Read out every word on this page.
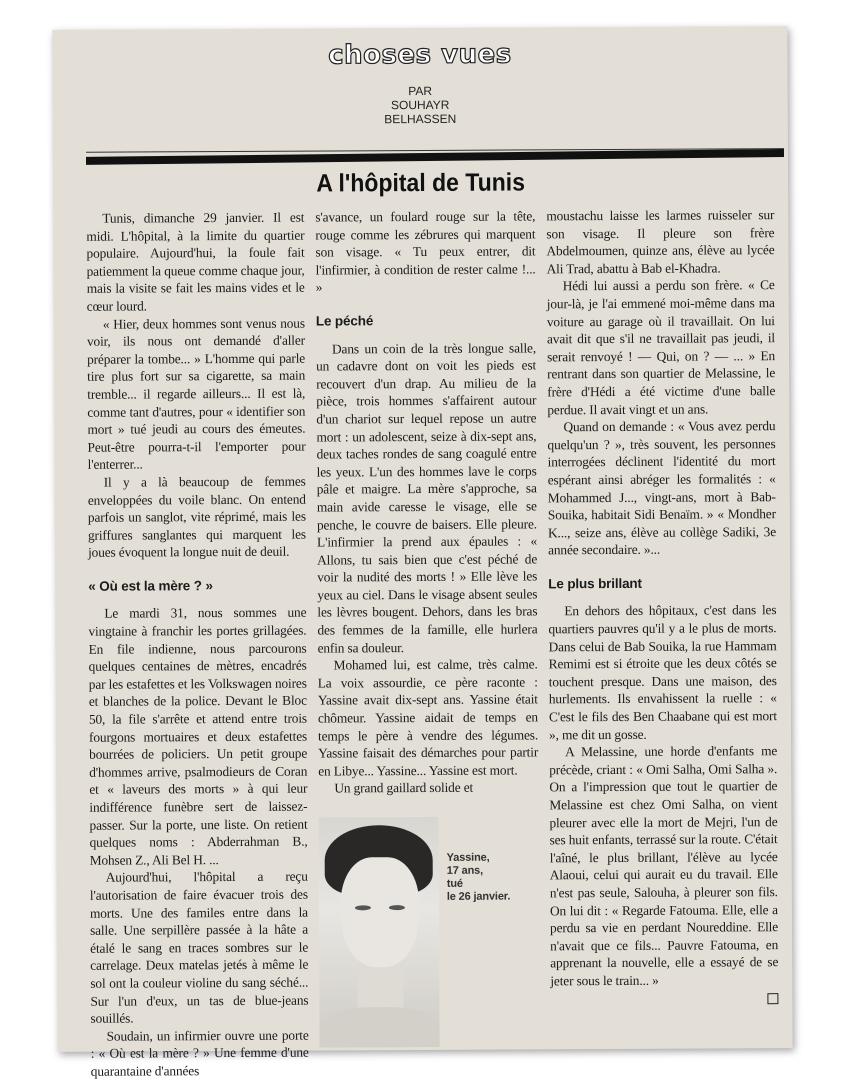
choses vues
PAR
SOUHAYR
BELHASSEN
A l'hôpital de Tunis

Tunis, dimanche 29 janvier. Il est midi. L'hôpital, à la limite du quartier populaire. Aujourd'hui, la foule fait patiemment la queue comme chaque jour, mais la visite se fait les mains vides et le cœur lourd.

« Hier, deux hommes sont venus nous voir, ils nous ont demandé d'aller préparer la tombe... » L'homme qui parle tire plus fort sur sa cigarette, sa main tremble... il regarde ailleurs... Il est là, comme tant d'autres, pour « identifier son mort » tué jeudi au cours des émeutes. Peut-être pourra-t-il l'emporter pour l'enterrer...

Il y a là beaucoup de femmes enveloppées du voile blanc. On entend parfois un sanglot, vite réprimé, mais les griffures sanglantes qui marquent les joues évoquent la longue nuit de deuil.

« Où est la mère ? »

Le mardi 31, nous sommes une vingtaine à franchir les portes grillagées. En file indienne, nous parcourons quelques centaines de mètres, encadrés par les estafettes et les Volkswagen noires et blanches de la police. Devant le Bloc 50, la file s'arrête et attend entre trois fourgons mortuaires et deux estafettes bourrées de policiers. Un petit groupe d'hommes arrive, psalmodieurs de Coran et « laveurs des morts » à qui leur indifférence funèbre sert de laissez-passer. Sur la porte, une liste. On retient quelques noms : Abderrahman B., Mohsen Z., Ali Bel H. ...

Aujourd'hui, l'hôpital a reçu l'autorisation de faire évacuer trois des morts. Une des familes entre dans la salle. Une serpillère passée à la hâte a étalé le sang en traces sombres sur le carrelage. Deux matelas jetés à même le sol ont la couleur violine du sang séché... Sur l'un d'eux, un tas de blue-jeans souillés.

Soudain, un infirmier ouvre une porte : « Où est la mère ? » Une femme d'une quarantaine d'années

s'avance, un foulard rouge sur la tête, rouge comme les zébrures qui marquent son visage. « Tu peux entrer, dit l'infirmier, à condition de rester calme !... »

Le péché

Dans un coin de la très longue salle, un cadavre dont on voit les pieds est recouvert d'un drap. Au milieu de la pièce, trois hommes s'affairent autour d'un chariot sur lequel repose un autre mort : un adolescent, seize à dix-sept ans, deux taches rondes de sang coagulé entre les yeux. L'un des hommes lave le corps pâle et maigre. La mère s'approche, sa main avide caresse le visage, elle se penche, le couvre de baisers. Elle pleure. L'infirmier la prend aux épaules : « Allons, tu sais bien que c'est péché de voir la nudité des morts ! » Elle lève les yeux au ciel. Dans le visage absent seules les lèvres bougent. Dehors, dans les bras des femmes de la famille, elle hurlera enfin sa douleur.

Mohamed lui, est calme, très calme. La voix assourdie, ce père raconte : Yassine avait dix-sept ans. Yassine était chômeur. Yassine aidait de temps en temps le père à vendre des légumes. Yassine faisait des démarches pour partir en Libye... Yassine... Yassine est mort.

Un grand gaillard solide et

Yassine,
17 ans,
tué
le 26 janvier.

moustachu laisse les larmes ruisseler sur son visage. Il pleure son frère Abdelmoumen, quinze ans, élève au lycée Ali Trad, abattu à Bab el-Khadra.

Hédi lui aussi a perdu son frère. « Ce jour-là, je l'ai emmené moi-même dans ma voiture au garage où il travaillait. On lui avait dit que s'il ne travaillait pas jeudi, il serait renvoyé ! — Qui, on ? — ... » En rentrant dans son quartier de Melassine, le frère d'Hédi a été victime d'une balle perdue. Il avait vingt et un ans.

Quand on demande : « Vous avez perdu quelqu'un ? », très souvent, les personnes interrogées déclinent l'identité du mort espérant ainsi abréger les formalités : « Mohammed J..., vingt-ans, mort à Bab-Souika, habitait Sidi Benaïm. » « Mondher K..., seize ans, élève au collège Sadiki, 3e année secondaire. »...

Le plus brillant

En dehors des hôpitaux, c'est dans les quartiers pauvres qu'il y a le plus de morts. Dans celui de Bab Souika, la rue Hammam Remimi est si étroite que les deux côtés se touchent presque. Dans une maison, des hurlements. Ils envahissent la ruelle : « C'est le fils des Ben Chaabane qui est mort », me dit un gosse.

A Melassine, une horde d'enfants me précède, criant : « Omi Salha, Omi Salha ». On a l'impression que tout le quartier de Melassine est chez Omi Salha, on vient pleurer avec elle la mort de Mejri, l'un de ses huit enfants, terrassé sur la route. C'était l'aîné, le plus brillant, l'élève au lycée Alaoui, celui qui aurait eu du travail. Elle n'est pas seule, Salouha, à pleurer son fils. On lui dit : « Regarde Fatouma. Elle, elle a perdu sa vie en perdant Noureddine. Elle n'avait que ce fils... Pauvre Fatouma, en apprenant la nouvelle, elle a essayé de se jeter sous le train... »
